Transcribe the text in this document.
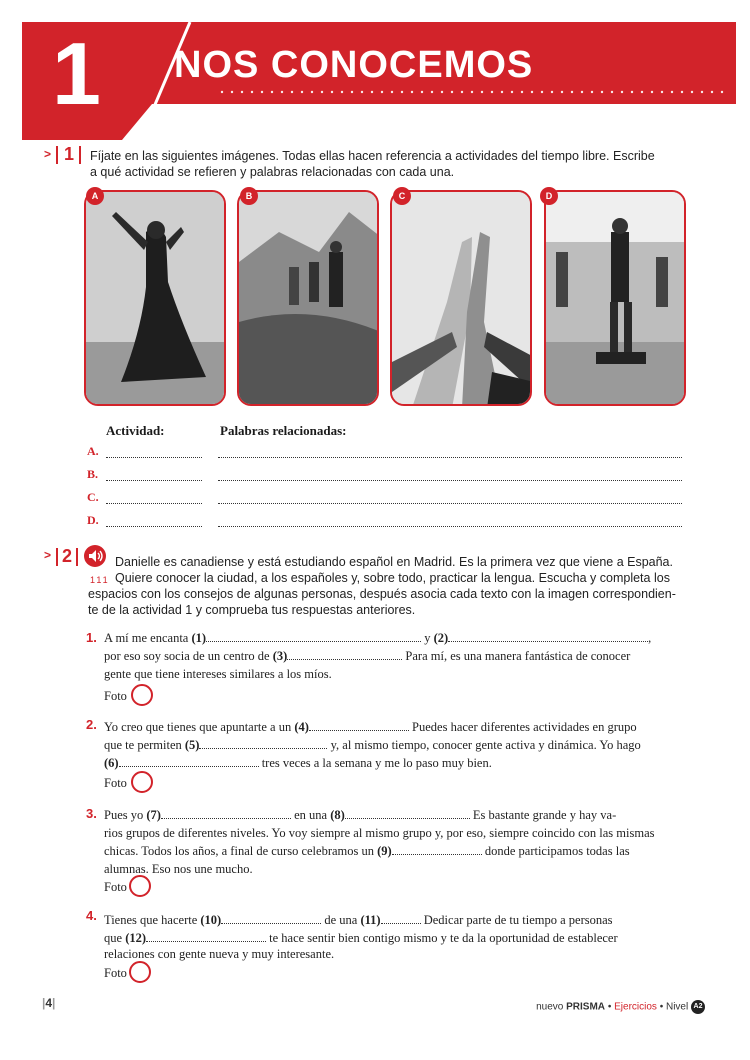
1 NOS CONOCEMOS
> 1 Fíjate en las siguientes imágenes. Todas ellas hacen referencia a actividades del tiempo libre. Escribe
a qué actividad se refieren y palabras relacionadas con cada una.
A	B	C	D
Actividad:	Palabras relacionadas:
A.
B.
C.
D.
> 2
111
Danielle es canadiense y está estudiando español en Madrid. Es la primera vez que viene a España.
Quiere conocer la ciudad, a los españoles y, sobre todo, practicar la lengua. Escucha y completa los
espacios con los consejos de algunas personas, después asocia cada texto con la imagen correspondien-
te de la actividad 1 y comprueba tus respuestas anteriores.
1. A mí me encanta (1)	y (2)	,
por eso soy socia de un centro de (3)	Para mí, es una manera fantástica de conocer
gente que tiene intereses similares a los míos.
Foto
2. Yo creo que tienes que apuntarte a un (4)	Puedes hacer diferentes actividades en grupo
que te permiten (5)	y, al mismo tiempo, conocer gente activa y dinámica. Yo hago
(6)	tres veces a la semana y me lo paso muy bien.
Foto
3. Pues yo (7)	en una (8)	Es bastante grande y hay va-
rios grupos de diferentes niveles. Yo voy siempre al mismo grupo y, por eso, siempre coincido con las mismas
chicas. Todos los años, a final de curso celebramos un (9)	donde participamos todas las
alumnas. Eso nos une mucho.
Foto
4. Tienes que hacerte (10)	de una (11)	Dedicar parte de tu tiempo a personas
que (12)	te hace sentir bien contigo mismo y te da la oportunidad de establecer
relaciones con gente nueva y muy interesante.
Foto
|4|	nuevo PRISMA • Ejercicios • Nivel A2
